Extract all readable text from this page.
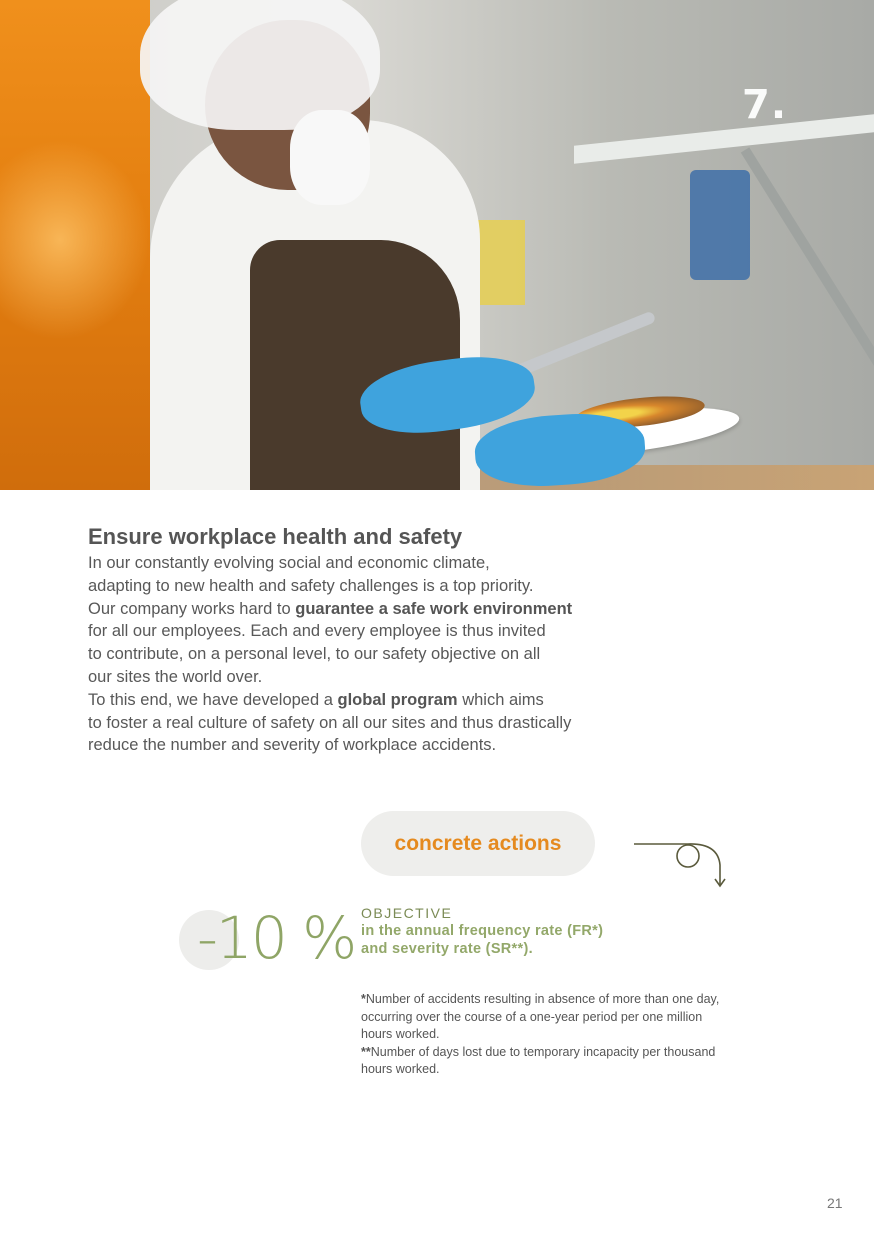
7.
Ensure workplace health and safety

In our constantly evolving social and economic climate,

adapting to new health and safety challenges is a top priority.

Our company works hard to guarantee a safe work environment

for all our employees. Each and every employee is thus invited

to contribute, on a personal level, to our safety objective on all

our sites the world over.

To this end, we have developed a global program which aims

to foster a real culture of safety on all our sites and thus drastically

reduce the number and severity of workplace accidents.

concrete actions
-10 % OBJECTIVE
in the annual frequency rate (FR*)
and severity rate (SR**).

*Number of accidents resulting in absence of more than one day,

occurring over the course of a one-year period per one million

hours worked.

**Number of days lost due to temporary incapacity per thousand

hours worked.

21
